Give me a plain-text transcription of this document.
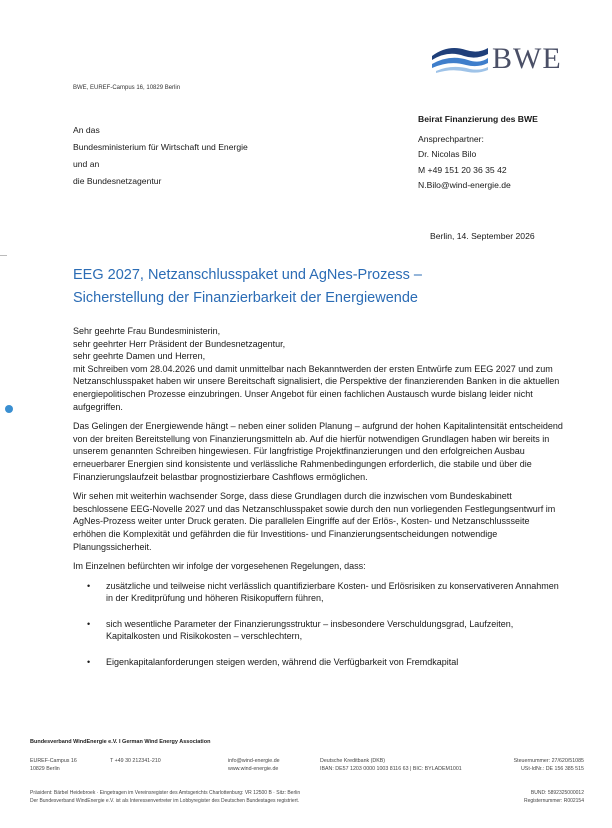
BWE
BWE, EUREF-Campus 16, 10829 Berlin
An das
Bundesministerium für Wirtschaft und Energie
und an
die Bundesnetzagentur
Beirat Finanzierung des BWE
Ansprechpartner:
Dr. Nicolas Bilo
M +49 151 20 36 35 42
N.Bilo@wind-energie.de
Berlin, 14. September 2026
EEG 2027, Netzanschlusspaket und AgNes-Prozess –
Sicherstellung der Finanzierbarkeit der Energiewende
Sehr geehrte Frau Bundesministerin,
sehr geehrter Herr Präsident der Bundesnetzagentur,
sehr geehrte Damen und Herren,

mit Schreiben vom 28.04.2026 und damit unmittelbar nach Bekanntwerden der ersten Entwürfe zum EEG 2027 und zum Netzanschlusspaket haben wir unsere Bereitschaft signalisiert, die Perspektive der finanzierenden Banken in die aktuellen energiepolitischen Prozesse einzubringen. Unser Angebot für einen fachlichen Austausch wurde bislang leider nicht aufgegriffen.

Das Gelingen der Energiewende hängt – neben einer soliden Planung – aufgrund der hohen Kapitalintensität entscheidend von der breiten Bereitstellung von Finanzierungsmitteln ab. Auf die hierfür notwendigen Grundlagen haben wir bereits in unserem genannten Schreiben hingewiesen. Für langfristige Projektfinanzierungen und den erfolgreichen Ausbau erneuerbarer Energien sind konsistente und verlässliche Rahmenbedingungen erforderlich, die stabile und über die Finanzierungslaufzeit belastbar prognostizierbare Cashflows ermöglichen.

Wir sehen mit weiterhin wachsender Sorge, dass diese Grundlagen durch die inzwischen vom Bundeskabinett beschlossene EEG-Novelle 2027 und das Netzanschlusspaket sowie durch den nun vorliegenden Festlegungsentwurf im AgNes-Prozess weiter unter Druck geraten. Die parallelen Eingriffe auf der Erlös-, Kosten- und Netzanschlussseite erhöhen die Komplexität und gefährden die für Investitions- und Finanzierungsentscheidungen notwendige Planungssicherheit.

Im Einzelnen befürchten wir infolge der vorgesehenen Regelungen, dass:

• zusätzliche und teilweise nicht verlässlich quantifizierbare Kosten- und Erlösrisiken zu konservativeren Annahmen in der Kreditprüfung und höheren Risikopuffern führen,
• sich wesentliche Parameter der Finanzierungsstruktur – insbesondere Verschuldungsgrad, Laufzeiten, Kapitalkosten und Risikokosten – verschlechtern,
• Eigenkapitalanforderungen steigen werden, während die Verfügbarkeit von Fremdkapital
Bundesverband WindEnergie e.V. I German Wind Energy Association
EUREF-Campus 16
10829 Berlin
T +49 30 212341-210	info@wind-energie.de
www.wind-energie.de
Deutsche Kreditbank (DKB)
IBAN: DE57 1203 0000 1003 8116 63 | BIC: BYLADEM1001
Steuernummer: 27/620/51085
USt-IdNr.: DE 156 385 515
Präsident: Bärbel Heidebroek · Eingetragen im Vereinsregister des Amtsgerichts Charlottenburg: VR 12500 B · Sitz: Berlin
Der Bundesverband WindEnergie e.V. ist als Interessenvertreter im Lobbyregister des Deutschen Bundestages registriert.
BUND: 5892325000012
Registernummer: R002154
